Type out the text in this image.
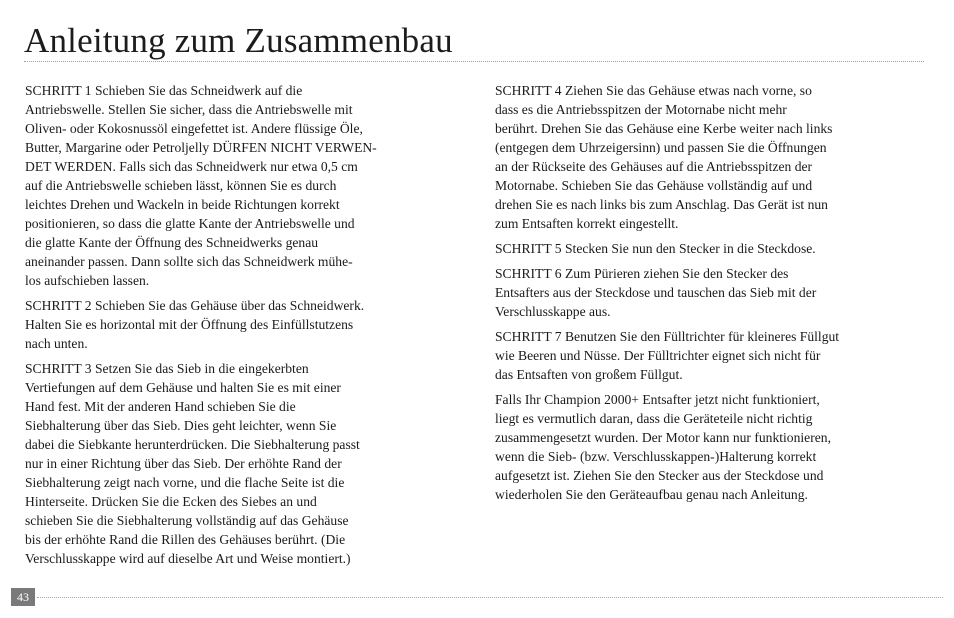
Anleitung zum Zusammenbau

SCHRITT 1 Schieben Sie das Schneidwerk auf die
Antriebswelle. Stellen Sie sicher, dass die Antriebswelle mit
Oliven- oder Kokosnussöl eingefettet ist. Andere flüssige Öle,
Butter, Margarine oder Petroljelly DÜRFEN NICHT VERWEN-
DET WERDEN. Falls sich das Schneidwerk nur etwa 0,5 cm
auf die Antriebswelle schieben lässt, können Sie es durch
leichtes Drehen und Wackeln in beide Richtungen korrekt
positionieren, so dass die glatte Kante der Antriebswelle und
die glatte Kante der Öffnung des Schneidwerks genau
aneinander passen. Dann sollte sich das Schneidwerk mühe-
los aufschieben lassen.

SCHRITT 2 Schieben Sie das Gehäuse über das Schneidwerk.
Halten Sie es horizontal mit der Öffnung des Einfüllstutzens
nach unten.

SCHRITT 3 Setzen Sie das Sieb in die eingekerbten
Vertiefungen auf dem Gehäuse und halten Sie es mit einer
Hand fest. Mit der anderen Hand schieben Sie die
Siebhalterung über das Sieb. Dies geht leichter, wenn Sie
dabei die Siebkante herunterdrücken. Die Siebhalterung passt
nur in einer Richtung über das Sieb. Der erhöhte Rand der
Siebhalterung zeigt nach vorne, und die flache Seite ist die
Hinterseite. Drücken Sie die Ecken des Siebes an und
schieben Sie die Siebhalterung vollständig auf das Gehäuse
bis der erhöhte Rand die Rillen des Gehäuses berührt. (Die
Verschlusskappe wird auf dieselbe Art und Weise montiert.)

SCHRITT 4 Ziehen Sie das Gehäuse etwas nach vorne, so
dass es die Antriebsspitzen der Motornabe nicht mehr
berührt. Drehen Sie das Gehäuse eine Kerbe weiter nach links
(entgegen dem Uhrzeigersinn) und passen Sie die Öffnungen
an der Rückseite des Gehäuses auf die Antriebsspitzen der
Motornabe. Schieben Sie das Gehäuse vollständig auf und
drehen Sie es nach links bis zum Anschlag. Das Gerät ist nun
zum Entsaften korrekt eingestellt.

SCHRITT 5 Stecken Sie nun den Stecker in die Steckdose.

SCHRITT 6 Zum Pürieren ziehen Sie den Stecker des
Entsafters aus der Steckdose und tauschen das Sieb mit der
Verschlusskappe aus.

SCHRITT 7 Benutzen Sie den Fülltrichter für kleineres Füllgut
wie Beeren und Nüsse. Der Fülltrichter eignet sich nicht für
das Entsaften von großem Füllgut.

Falls Ihr Champion 2000+ Entsafter jetzt nicht funktioniert,
liegt es vermutlich daran, dass die Geräteteile nicht richtig
zusammengesetzt wurden. Der Motor kann nur funktionieren,
wenn die Sieb- (bzw. Verschlusskappen-)Halterung korrekt
aufgesetzt ist. Ziehen Sie den Stecker aus der Steckdose und
wiederholen Sie den Geräteaufbau genau nach Anleitung.

43
